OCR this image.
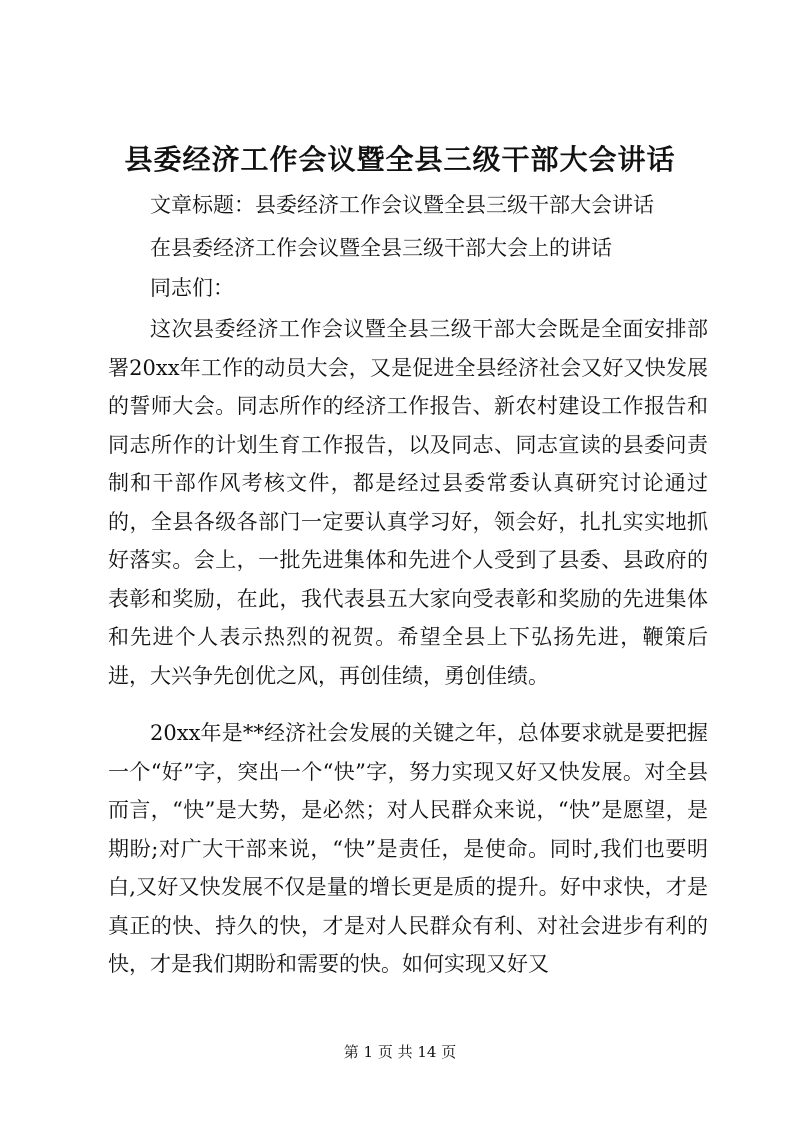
县委经济工作会议暨全县三级干部大会讲话

文章标题：县委经济工作会议暨全县三级干部大会讲话

在县委经济工作会议暨全县三级干部大会上的讲话

同志们：

这次县委经济工作会议暨全县三级干部大会既是全面安排部署20xx年工作的动员大会，又是促进全县经济社会又好又快发展的誓师大会。同志所作的经济工作报告、新农村建设工作报告和同志所作的计划生育工作报告，以及同志、同志宣读的县委问责制和干部作风考核文件，都是经过县委常委认真研究讨论通过的，全县各级各部门一定要认真学习好，领会好，扎扎实实地抓好落实。会上，一批先进集体和先进个人受到了县委、县政府的表彰和奖励，在此，我代表县五大家向受表彰和奖励的先进集体和先进个人表示热烈的祝贺。希望全县上下弘扬先进，鞭策后进，大兴争先创优之风，再创佳绩，勇创佳绩。

20xx年是**经济社会发展的关键之年，总体要求就是要把握一个“好”字，突出一个“快”字，努力实现又好又快发展。对全县而言，“快”是大势，是必然；对人民群众来说，“快”是愿望，是期盼;对广大干部来说，“快”是责任，是使命。同时,我们也要明白,又好又快发展不仅是量的增长更是质的提升。好中求快，才是真正的快、持久的快，才是对人民群众有利、对社会进步有利的快，才是我们期盼和需要的快。如何实现又好又

第 1 页 共 14 页
